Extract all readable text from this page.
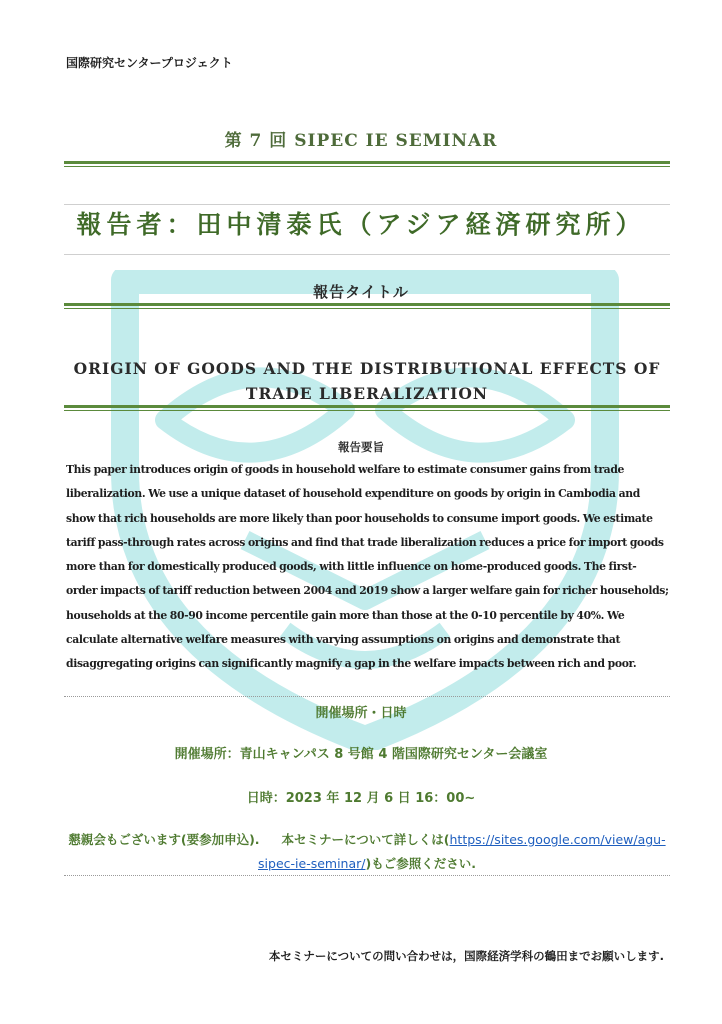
国際研究センタープロジェクト
第 7 回 SIPEC IE SEMINAR
報告者：田中清泰氏（アジア経済研究所）
報告タイトル
ORIGIN OF GOODS AND THE DISTRIBUTIONAL EFFECTS OF TRADE LIBERALIZATION
報告要旨

This paper introduces origin of goods in household welfare to estimate consumer gains from trade
liberalization. We use a unique dataset of household expenditure on goods by origin in Cambodia and
show that rich households are more likely than poor households to consume import goods. We estimate
tariff pass-through rates across origins and find that trade liberalization reduces a price for import goods
more than for domestically produced goods, with little influence on home-produced goods. The first-
order impacts of tariff reduction between 2004 and 2019 show a larger welfare gain for richer households;
households at the 80-90 income percentile gain more than those at the 0-10 percentile by 40%. We
calculate alternative welfare measures with varying assumptions on origins and demonstrate that
disaggregating origins can significantly magnify a gap in the welfare impacts between rich and poor.

開催場所・日時
開催場所：青山キャンパス 8 号館 4 階国際研究センター会議室
日時：2023 年 12 月 6 日 16：00∼
懇親会もございます(要参加申込). 本セミナーについて詳しくは(https://sites.google.com/view/agu-sipec-ie-seminar/)もご参照ください.
本セミナーについての問い合わせは，国際経済学科の鶴田までお願いします.
